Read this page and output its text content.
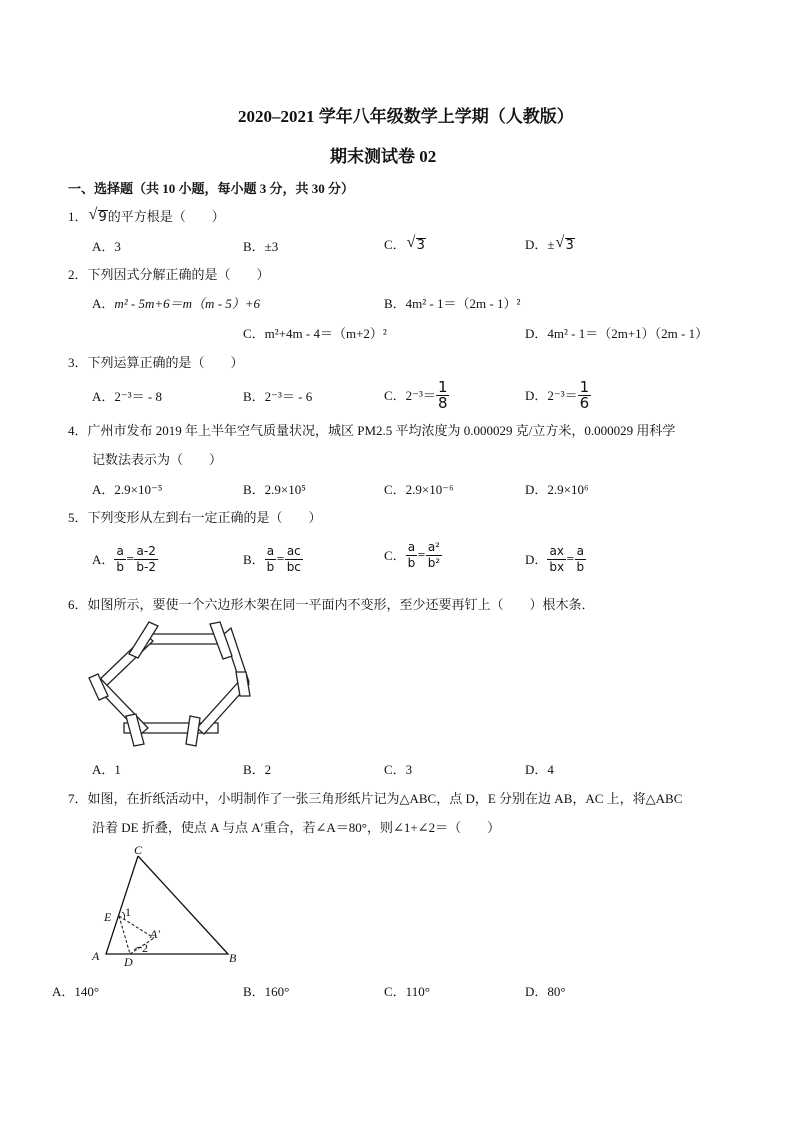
2020–2021 学年八年级数学上学期（人教版）
期末测试卷 02
一、选择题（共 10 小题，每小题 3 分，共 30 分）
1． √ 9的平方根是（　　）
A．3	B．±3	C． √ 3	D．± √ 3
2．下列因式分解正确的是（　　）
A．m² - 5m+6＝m（m - 5）+6	B．4m² - 1＝（2m - 1）²
C．m²+4m - 4＝（m+2）²	D．4m² - 1＝（2m+1）（2m - 1）
3．下列运算正确的是（　　）
A．2⁻³＝ - 8	B．2⁻³＝ - 6	C．$2^{-3}= \frac{1}{8}$	D．$2^{-3}= \frac{1}{6}$
4．广州市发布 2019 年上半年空气质量状况，城区 PM2.5 平均浓度为 0.000029 克/立方米，0.000029 用科学
记数法表示为（　　）
A．2.9×10⁻⁵	B．2.9×10⁵	C．2.9×10⁻⁶	D．2.9×10⁶
5．下列变形从左到右一定正确的是（　　）
A． $\frac{a}{b} = \frac{a-2}{b-2}$	B． $\frac{a}{b} = \frac{ac}{bc}$	C． $\frac{a}{b} = \frac{\text{a²}}{\text{b²}}$	D． $\frac{ax}{bx} = \frac{a}{b}$
6．如图所示，要使一个六边形木架在同一平面内不变形，至少还要再钉上（　　）根木条．
A．1	B．2	C．3	D．4
7．如图，在折纸活动中，小明制作了一张三角形纸片记为△ABC，点 D，E 分别在边 AB，AC 上，将△ABC
沿着 DE 折叠，使点 A 与点 A′重合，若∠A＝80°，则∠1+∠2＝（　　）
C
E
A′
A D	B
1
2
A．140°	B．160°	C．110°	D．80°
